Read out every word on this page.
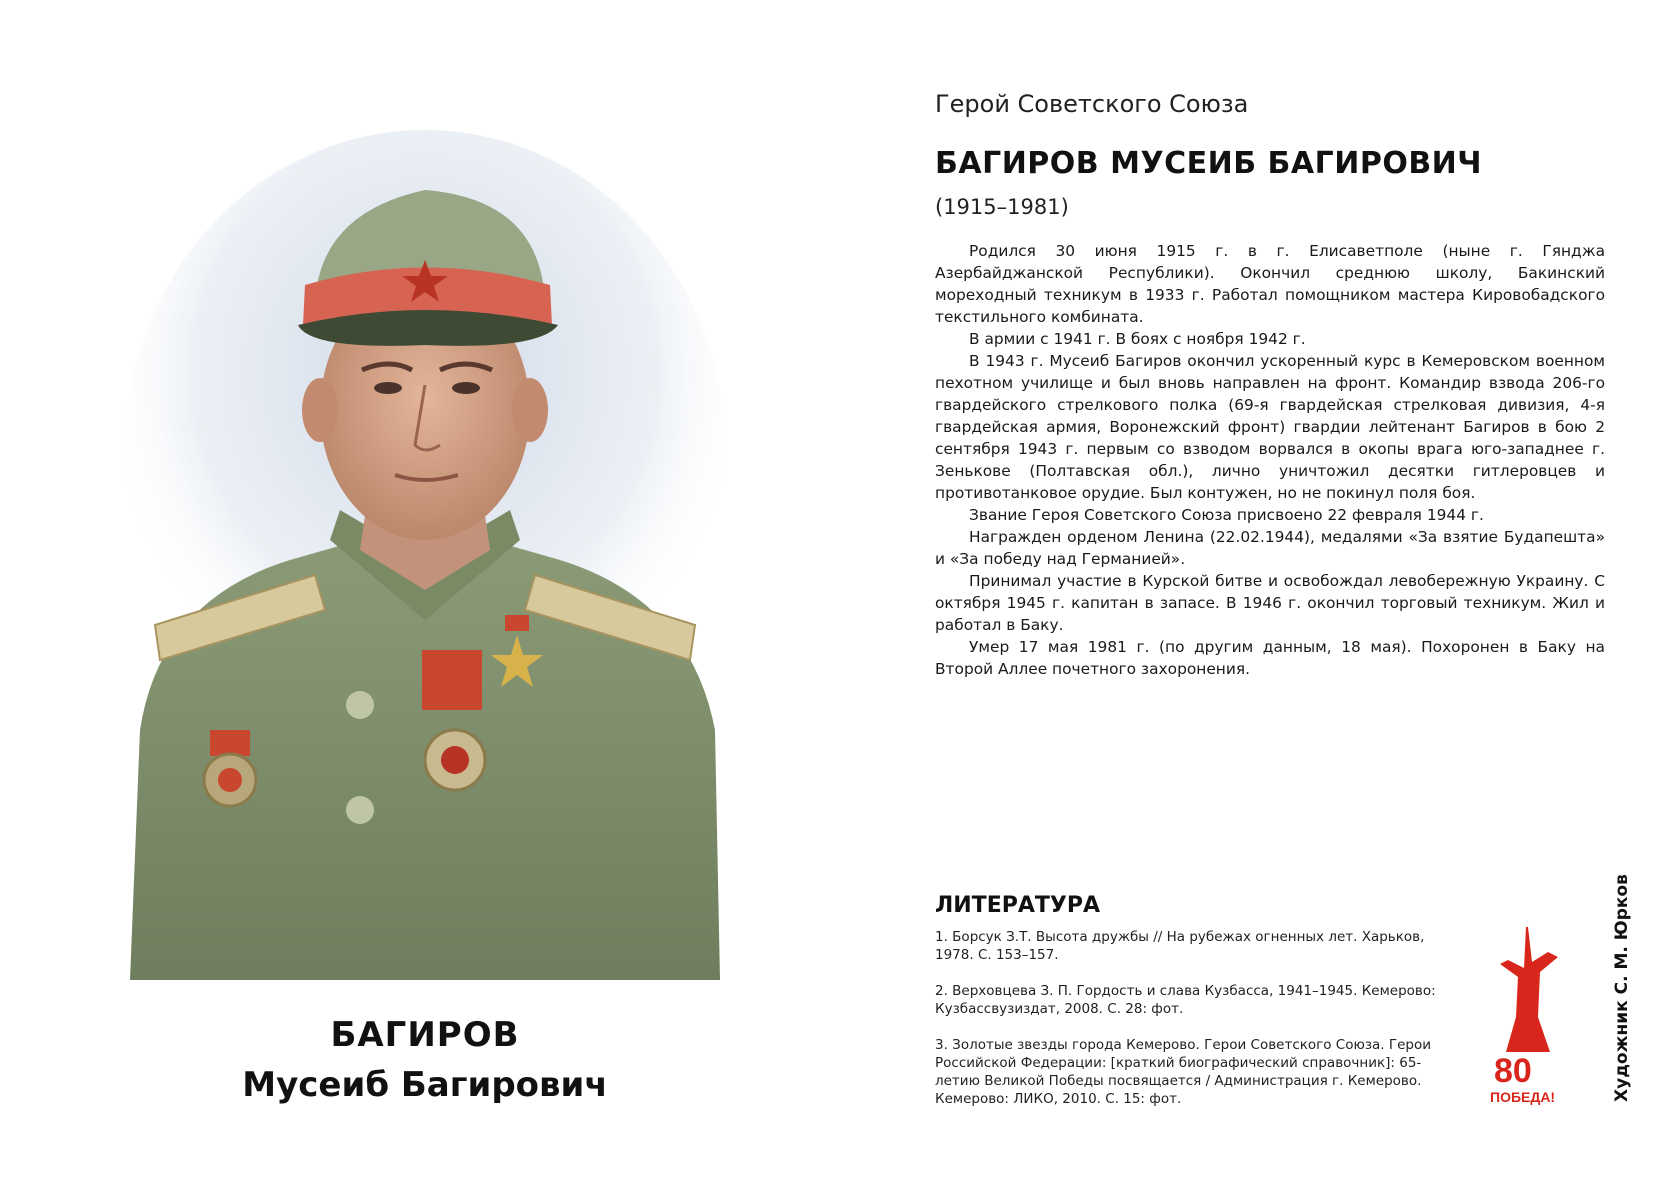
БАГИРОВ
Мусеиб Багирович
Герой Советского Союза
БАГИРОВ МУСЕИБ БАГИРОВИЧ
(1915–1981)

Родился 30 июня 1915 г. в г. Елисаветполе (ныне г. Гянджа Азербайджанской Республики). Окончил среднюю школу, Бакинский мореходный техникум в 1933 г. Работал помощником мастера Кировобадского текстильного комбината.

В армии с 1941 г. В боях с ноября 1942 г.

В 1943 г. Мусеиб Багиров окончил ускоренный курс в Кемеровском военном пехотном училище и был вновь направлен на фронт. Командир взвода 206-го гвардейского стрелкового полка (69-я гвардейская стрелковая дивизия, 4-я гвардейская армия, Воронежский фронт) гвардии лейтенант Багиров в бою 2 сентября 1943 г. первым со взводом ворвался в окопы врага юго-западнее г. Зенькове (Полтавская обл.), лично уничтожил десятки гитлеровцев и противотанковое орудие. Был контужен, но не покинул поля боя.

Звание Героя Советского Союза присвоено 22 февраля 1944 г.

Награжден орденом Ленина (22.02.1944), медалями «За взятие Будапешта» и «За победу над Германией».

Принимал участие в Курской битве и освобождал левобережную Украину. С октября 1945 г. капитан в запасе. В 1946 г. окончил торговый техникум. Жил и работал в Баку.

Умер 17 мая 1981 г. (по другим данным, 18 мая). Похоронен в Баку на Второй Аллее почетного захоронения.

ЛИТЕРАТУРА
1. Борсук З.Т. Высота дружбы // На рубежах огненных лет. Харьков, 1978. С. 153–157.
2. Верховцева З. П. Гордость и слава Кузбасса, 1941–1945. Кемерово: Кузбассвузиздат, 2008. С. 28: фот.
3. Золотые звезды города Кемерово. Герои Советского Союза. Герои Российской Федерации: [краткий биографический справочник]: 65-летию Великой Победы посвящается / Администрация г. Кемерово. Кемерово: ЛИКО, 2010. С. 15: фот.
80
ПОБЕДА!	Художник С. М. Юрков
